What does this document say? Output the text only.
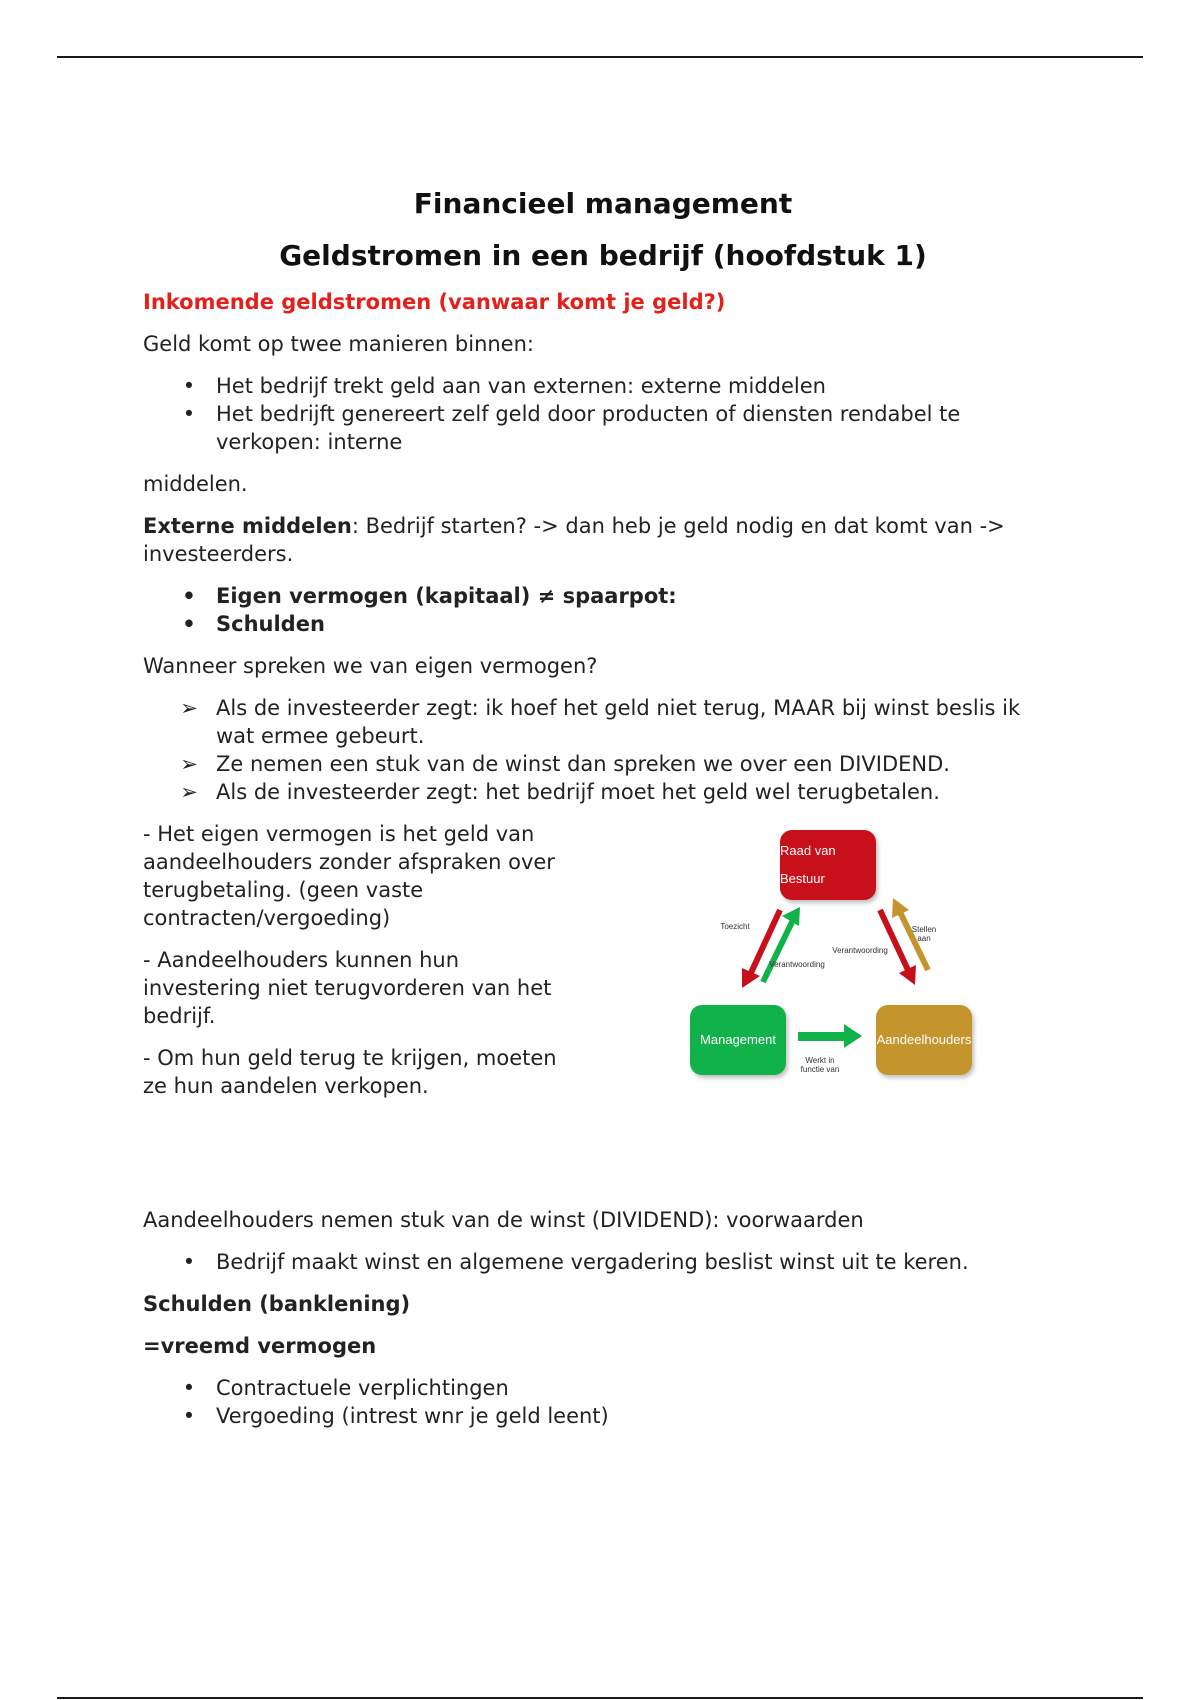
Financieel management
Geldstromen in een bedrijf (hoofdstuk 1)
Inkomende geldstromen (vanwaar komt je geld?)

Geld komt op twee manieren binnen:

• Het bedrijf trekt geld aan van externen: externe middelen
• Het bedrijft genereert zelf geld door producten of diensten rendabel te verkopen: interne

middelen.

Externe middelen: Bedrijf starten? -> dan heb je geld nodig en dat komt van -> investeerders.

• Eigen vermogen (kapitaal) ≠ spaarpot:
• Schulden

Wanneer spreken we van eigen vermogen?

➢ Als de investeerder zegt: ik hoef het geld niet terug, MAAR bij winst beslis ik wat ermee gebeurt.
➢ Ze nemen een stuk van de winst dan spreken we over een DIVIDEND.
➢ Als de investeerder zegt: het bedrijf moet het geld wel terugbetalen.

- Het eigen vermogen is het geld van aandeelhouders zonder afspraken over terugbetaling. (geen vaste contracten/vergoeding)

- Aandeelhouders kunnen hun investering niet terugvorderen van het bedrijf.

- Om hun geld terug te krijgen, moeten ze hun aandelen verkopen.

Raad van Bestuur
Management	Aandeelhouders
Toezicht
Verantwoording
Verantwoording
Stellen aan
Werkt in functie van

Aandeelhouders nemen stuk van de winst (DIVIDEND): voorwaarden

• Bedrijf maakt winst en algemene vergadering beslist winst uit te keren.

Schulden (banklening)

=vreemd vermogen

• Contractuele verplichtingen
• Vergoeding (intrest wnr je geld leent)
